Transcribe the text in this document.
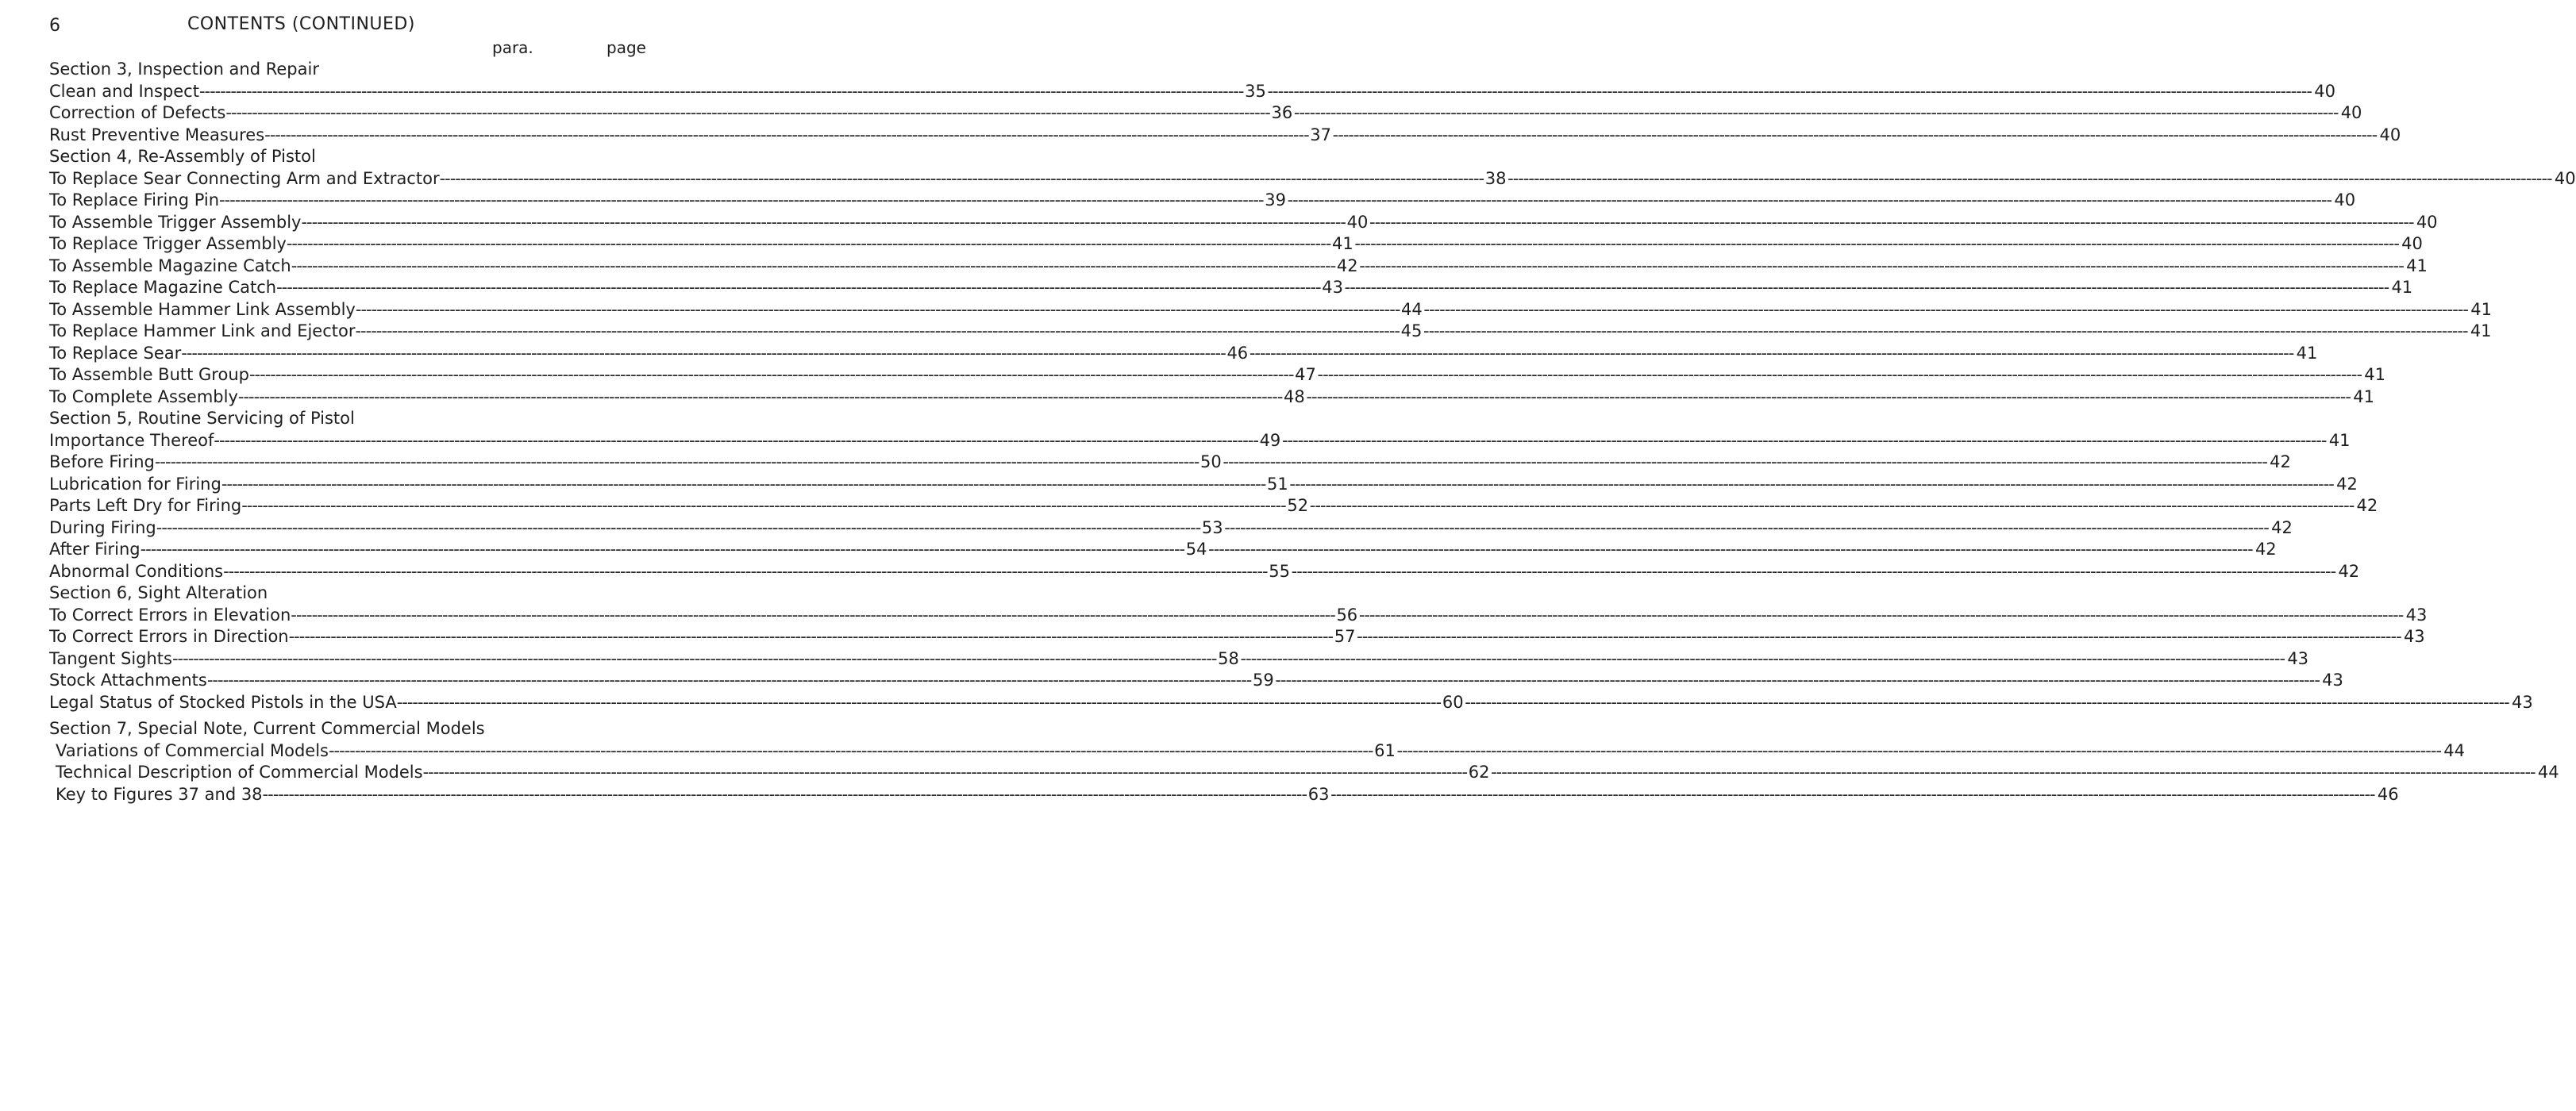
6	CONTENTS (CONTINUED)
para.	page
Section 3, Inspection and Repair
Clean and Inspect -------------------------------------------------------------------------------------------------------------------------------------------------------------------------------------------------------- 35 -------------------------------------------------------------------------------------------------------------------------------------------------------------------------------------------------------- 40
Correction of Defects -------------------------------------------------------------------------------------------------------------------------------------------------------------------------------------------------------- 36 -------------------------------------------------------------------------------------------------------------------------------------------------------------------------------------------------------- 40
Rust Preventive Measures -------------------------------------------------------------------------------------------------------------------------------------------------------------------------------------------------------- 37 -------------------------------------------------------------------------------------------------------------------------------------------------------------------------------------------------------- 40
Section 4, Re-Assembly of Pistol
To Replace Sear Connecting Arm and Extractor -------------------------------------------------------------------------------------------------------------------------------------------------------------------------------------------------------- 38 -------------------------------------------------------------------------------------------------------------------------------------------------------------------------------------------------------- 40
To Replace Firing Pin -------------------------------------------------------------------------------------------------------------------------------------------------------------------------------------------------------- 39 -------------------------------------------------------------------------------------------------------------------------------------------------------------------------------------------------------- 40
To Assemble Trigger Assembly -------------------------------------------------------------------------------------------------------------------------------------------------------------------------------------------------------- 40 -------------------------------------------------------------------------------------------------------------------------------------------------------------------------------------------------------- 40
To Replace Trigger Assembly -------------------------------------------------------------------------------------------------------------------------------------------------------------------------------------------------------- 41 -------------------------------------------------------------------------------------------------------------------------------------------------------------------------------------------------------- 40
To Assemble Magazine Catch -------------------------------------------------------------------------------------------------------------------------------------------------------------------------------------------------------- 42 -------------------------------------------------------------------------------------------------------------------------------------------------------------------------------------------------------- 41
To Replace Magazine Catch -------------------------------------------------------------------------------------------------------------------------------------------------------------------------------------------------------- 43 -------------------------------------------------------------------------------------------------------------------------------------------------------------------------------------------------------- 41
To Assemble Hammer Link Assembly -------------------------------------------------------------------------------------------------------------------------------------------------------------------------------------------------------- 44 -------------------------------------------------------------------------------------------------------------------------------------------------------------------------------------------------------- 41
To Replace Hammer Link and Ejector -------------------------------------------------------------------------------------------------------------------------------------------------------------------------------------------------------- 45 -------------------------------------------------------------------------------------------------------------------------------------------------------------------------------------------------------- 41
To Replace Sear -------------------------------------------------------------------------------------------------------------------------------------------------------------------------------------------------------- 46 -------------------------------------------------------------------------------------------------------------------------------------------------------------------------------------------------------- 41
To Assemble Butt Group -------------------------------------------------------------------------------------------------------------------------------------------------------------------------------------------------------- 47 -------------------------------------------------------------------------------------------------------------------------------------------------------------------------------------------------------- 41
To Complete Assembly -------------------------------------------------------------------------------------------------------------------------------------------------------------------------------------------------------- 48 -------------------------------------------------------------------------------------------------------------------------------------------------------------------------------------------------------- 41
Section 5, Routine Servicing of Pistol
Importance Thereof -------------------------------------------------------------------------------------------------------------------------------------------------------------------------------------------------------- 49 -------------------------------------------------------------------------------------------------------------------------------------------------------------------------------------------------------- 41
Before Firing -------------------------------------------------------------------------------------------------------------------------------------------------------------------------------------------------------- 50 -------------------------------------------------------------------------------------------------------------------------------------------------------------------------------------------------------- 42
Lubrication for Firing -------------------------------------------------------------------------------------------------------------------------------------------------------------------------------------------------------- 51 -------------------------------------------------------------------------------------------------------------------------------------------------------------------------------------------------------- 42
Parts Left Dry for Firing -------------------------------------------------------------------------------------------------------------------------------------------------------------------------------------------------------- 52 -------------------------------------------------------------------------------------------------------------------------------------------------------------------------------------------------------- 42
During Firing -------------------------------------------------------------------------------------------------------------------------------------------------------------------------------------------------------- 53 -------------------------------------------------------------------------------------------------------------------------------------------------------------------------------------------------------- 42
After Firing -------------------------------------------------------------------------------------------------------------------------------------------------------------------------------------------------------- 54 -------------------------------------------------------------------------------------------------------------------------------------------------------------------------------------------------------- 42
Abnormal Conditions -------------------------------------------------------------------------------------------------------------------------------------------------------------------------------------------------------- 55 -------------------------------------------------------------------------------------------------------------------------------------------------------------------------------------------------------- 42
Section 6, Sight Alteration
To Correct Errors in Elevation -------------------------------------------------------------------------------------------------------------------------------------------------------------------------------------------------------- 56 -------------------------------------------------------------------------------------------------------------------------------------------------------------------------------------------------------- 43
To Correct Errors in Direction -------------------------------------------------------------------------------------------------------------------------------------------------------------------------------------------------------- 57 -------------------------------------------------------------------------------------------------------------------------------------------------------------------------------------------------------- 43
Tangent Sights -------------------------------------------------------------------------------------------------------------------------------------------------------------------------------------------------------- 58 -------------------------------------------------------------------------------------------------------------------------------------------------------------------------------------------------------- 43
Stock Attachments -------------------------------------------------------------------------------------------------------------------------------------------------------------------------------------------------------- 59 -------------------------------------------------------------------------------------------------------------------------------------------------------------------------------------------------------- 43
Legal Status of Stocked Pistols in the USA -------------------------------------------------------------------------------------------------------------------------------------------------------------------------------------------------------- 60 -------------------------------------------------------------------------------------------------------------------------------------------------------------------------------------------------------- 43
Section 7, Special Note, Current Commercial Models
Variations of Commercial Models -------------------------------------------------------------------------------------------------------------------------------------------------------------------------------------------------------- 61 -------------------------------------------------------------------------------------------------------------------------------------------------------------------------------------------------------- 44
Technical Description of Commercial Models -------------------------------------------------------------------------------------------------------------------------------------------------------------------------------------------------------- 62 -------------------------------------------------------------------------------------------------------------------------------------------------------------------------------------------------------- 44
Key to Figures 37 and 38 -------------------------------------------------------------------------------------------------------------------------------------------------------------------------------------------------------- 63 -------------------------------------------------------------------------------------------------------------------------------------------------------------------------------------------------------- 46
